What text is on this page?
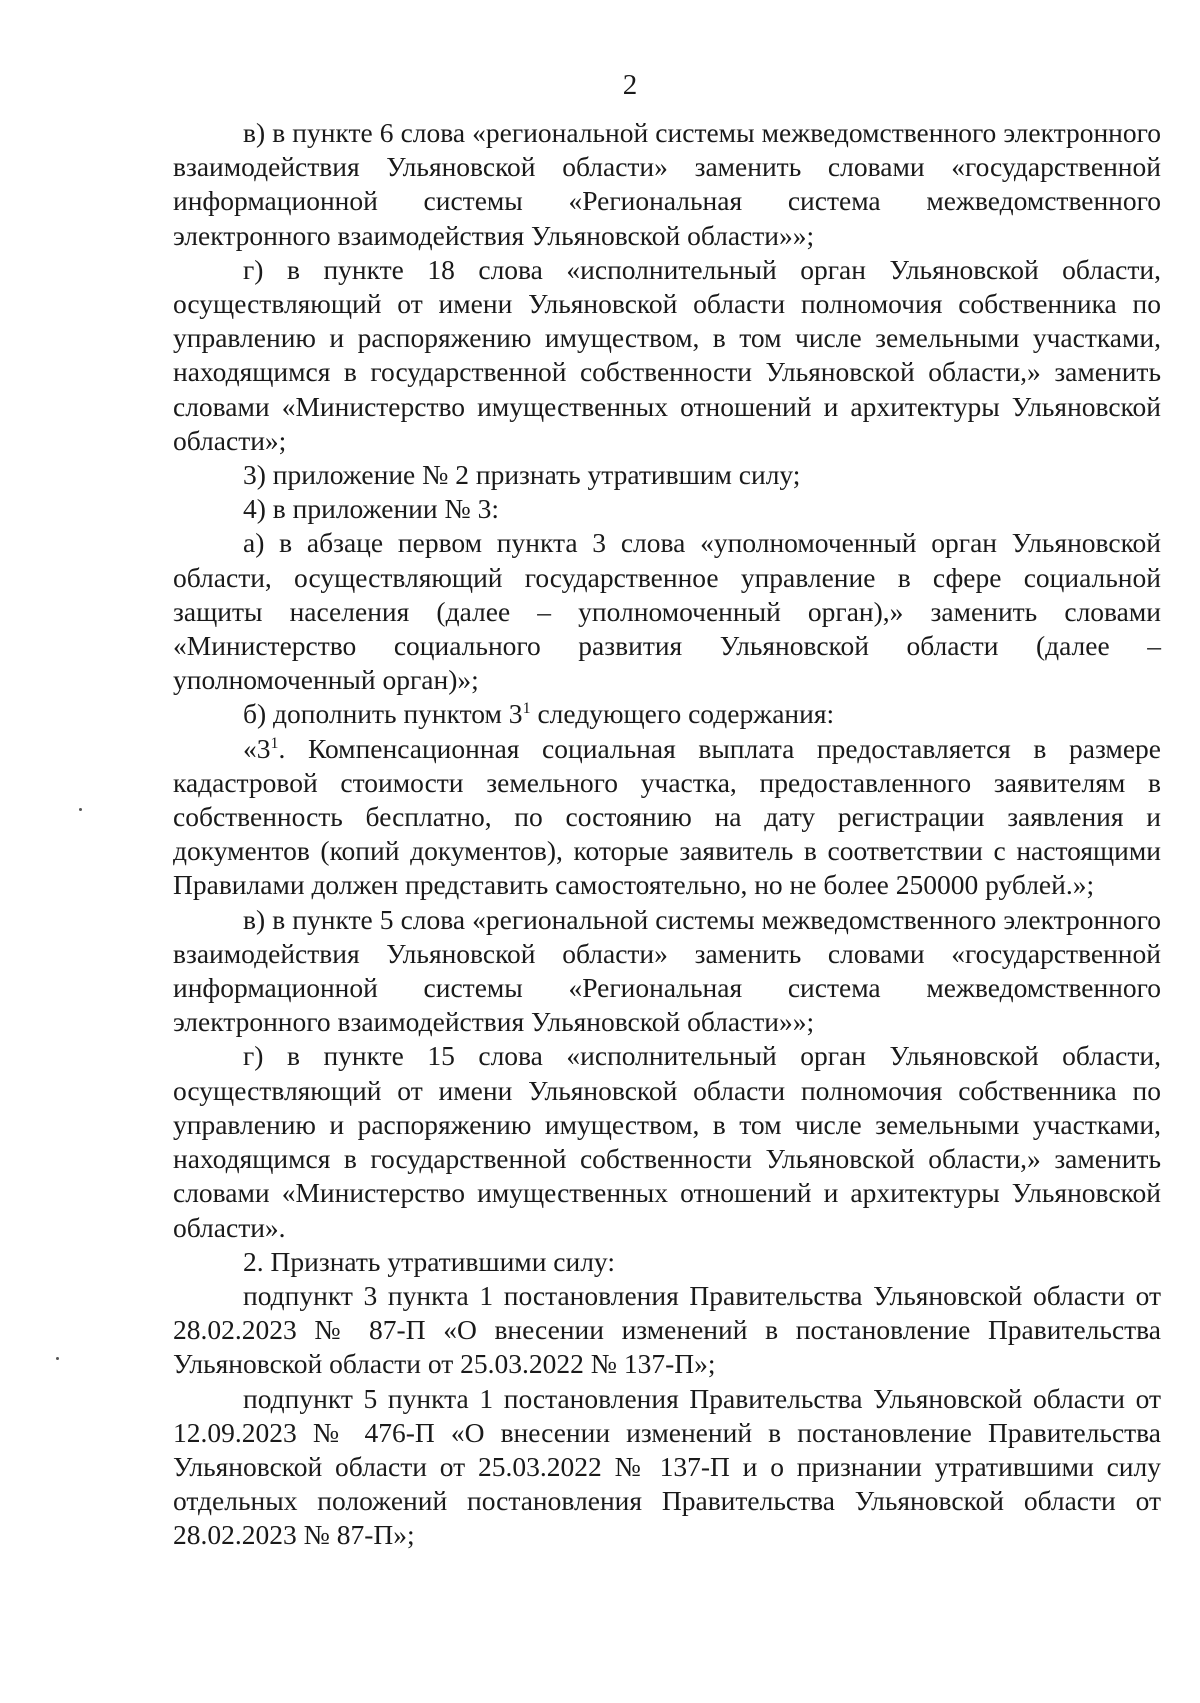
2

в) в пункте 6 слова «региональной системы межведомственного электронного взаимодействия Ульяновской области» заменить словами «государственной информационной системы «Региональная система межведомственного электронного взаимодействия Ульяновской области»»;

г) в пункте 18 слова «исполнительный орган Ульяновской области, осуществляющий от имени Ульяновской области полномочия собственника по управлению и распоряжению имуществом, в том числе земельными участками, находящимся в государственной собственности Ульяновской области,» заменить словами «Министерство имущественных отношений и архитектуры Ульяновской области»;

3) приложение № 2 признать утратившим силу;

4) в приложении № 3:

а) в абзаце первом пункта 3 слова «уполномоченный орган Ульяновской области, осуществляющий государственное управление в сфере социальной защиты населения (далее – уполномоченный орган),» заменить словами «Министерство социального развития Ульяновской области (далее – уполномоченный орган)»;

б) дополнить пунктом $3^1$ следующего содержания:

«$3^1$. Компенсационная социальная выплата предоставляется в размере кадастровой стоимости земельного участка, предоставленного заявителям в собственность бесплатно, по состоянию на дату регистрации заявления и документов (копий документов), которые заявитель в соответствии с настоящими Правилами должен представить самостоятельно, но не более 250000 рублей.»;

в) в пункте 5 слова «региональной системы межведомственного электронного взаимодействия Ульяновской области» заменить словами «государственной информационной системы «Региональная система межведомственного электронного взаимодействия Ульяновской области»»;

г) в пункте 15 слова «исполнительный орган Ульяновской области, осуществляющий от имени Ульяновской области полномочия собственника по управлению и распоряжению имуществом, в том числе земельными участками, находящимся в государственной собственности Ульяновской области,» заменить словами «Министерство имущественных отношений и архитектуры Ульяновской области».

2. Признать утратившими силу:

подпункт 3 пункта 1 постановления Правительства Ульяновской области от 28.02.2023 № 87-П «О внесении изменений в постановление Правительства Ульяновской области от 25.03.2022 № 137-П»;

подпункт 5 пункта 1 постановления Правительства Ульяновской области от 12.09.2023 № 476-П «О внесении изменений в постановление Правительства Ульяновской области от 25.03.2022 № 137-П и о признании утратившими силу отдельных положений постановления Правительства Ульяновской области от 28.02.2023 № 87-П»;
